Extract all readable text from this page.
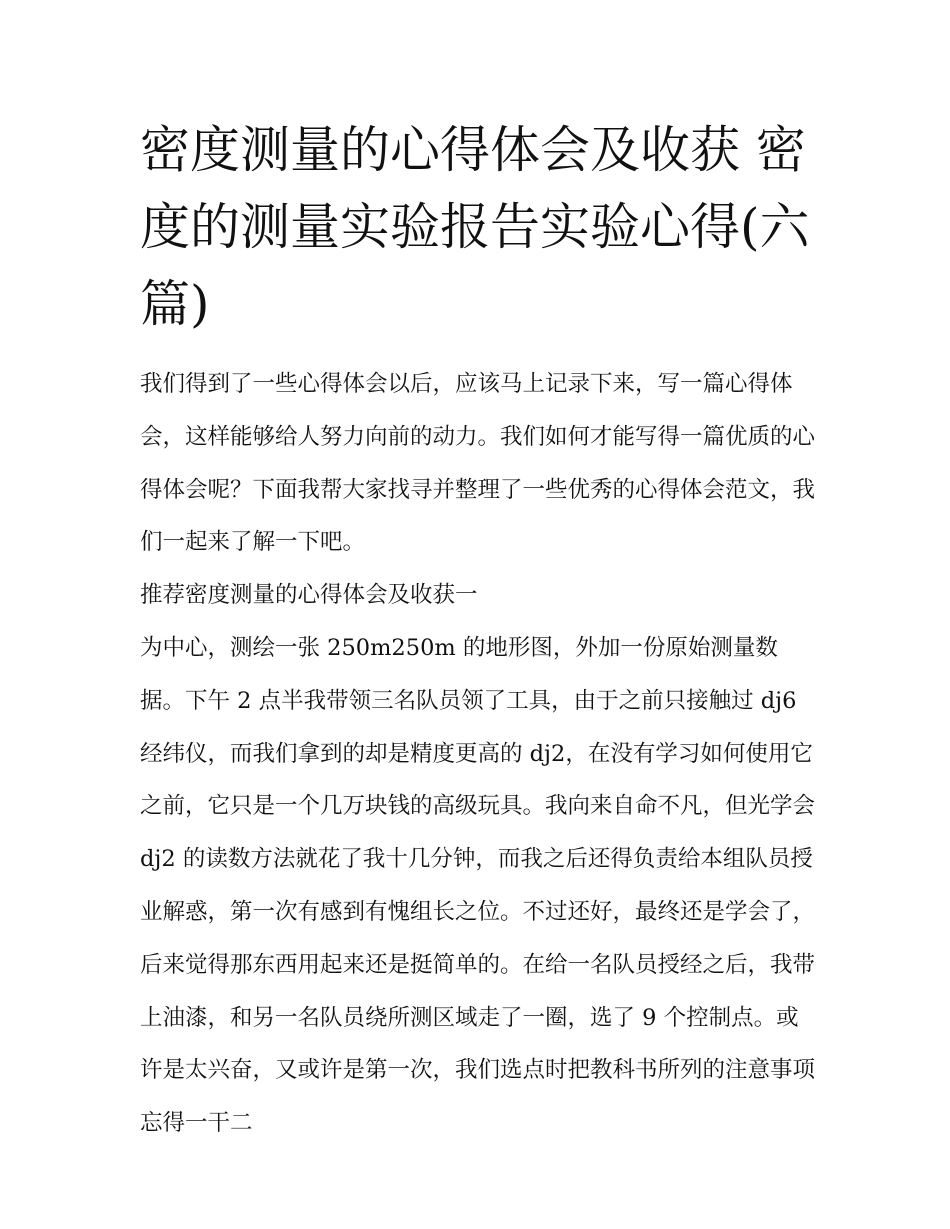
密度测量的心得体会及收获 密度的测量实验报告实验心得(六篇)

我们得到了一些心得体会以后，应该马上记录下来，写一篇心得体会，这样能够给人努力向前的动力。我们如何才能写得一篇优质的心得体会呢？下面我帮大家找寻并整理了一些优秀的心得体会范文，我们一起来了解一下吧。

推荐密度测量的心得体会及收获一

为中心，测绘一张 250m250m 的地形图，外加一份原始测量数据。下午 2 点半我带领三名队员领了工具，由于之前只接触过 dj6 经纬仪，而我们拿到的却是精度更高的 dj2，在没有学习如何使用它之前，它只是一个几万块钱的高级玩具。我向来自命不凡，但光学会 dj2 的读数方法就花了我十几分钟，而我之后还得负责给本组队员授业解惑，第一次有感到有愧组长之位。不过还好，最终还是学会了，后来觉得那东西用起来还是挺简单的。在给一名队员授经之后，我带上油漆，和另一名队员绕所测区域走了一圈，选了 9 个控制点。或许是太兴奋，又或许是第一次，我们选点时把教科书所列的注意事项忘得一干二
